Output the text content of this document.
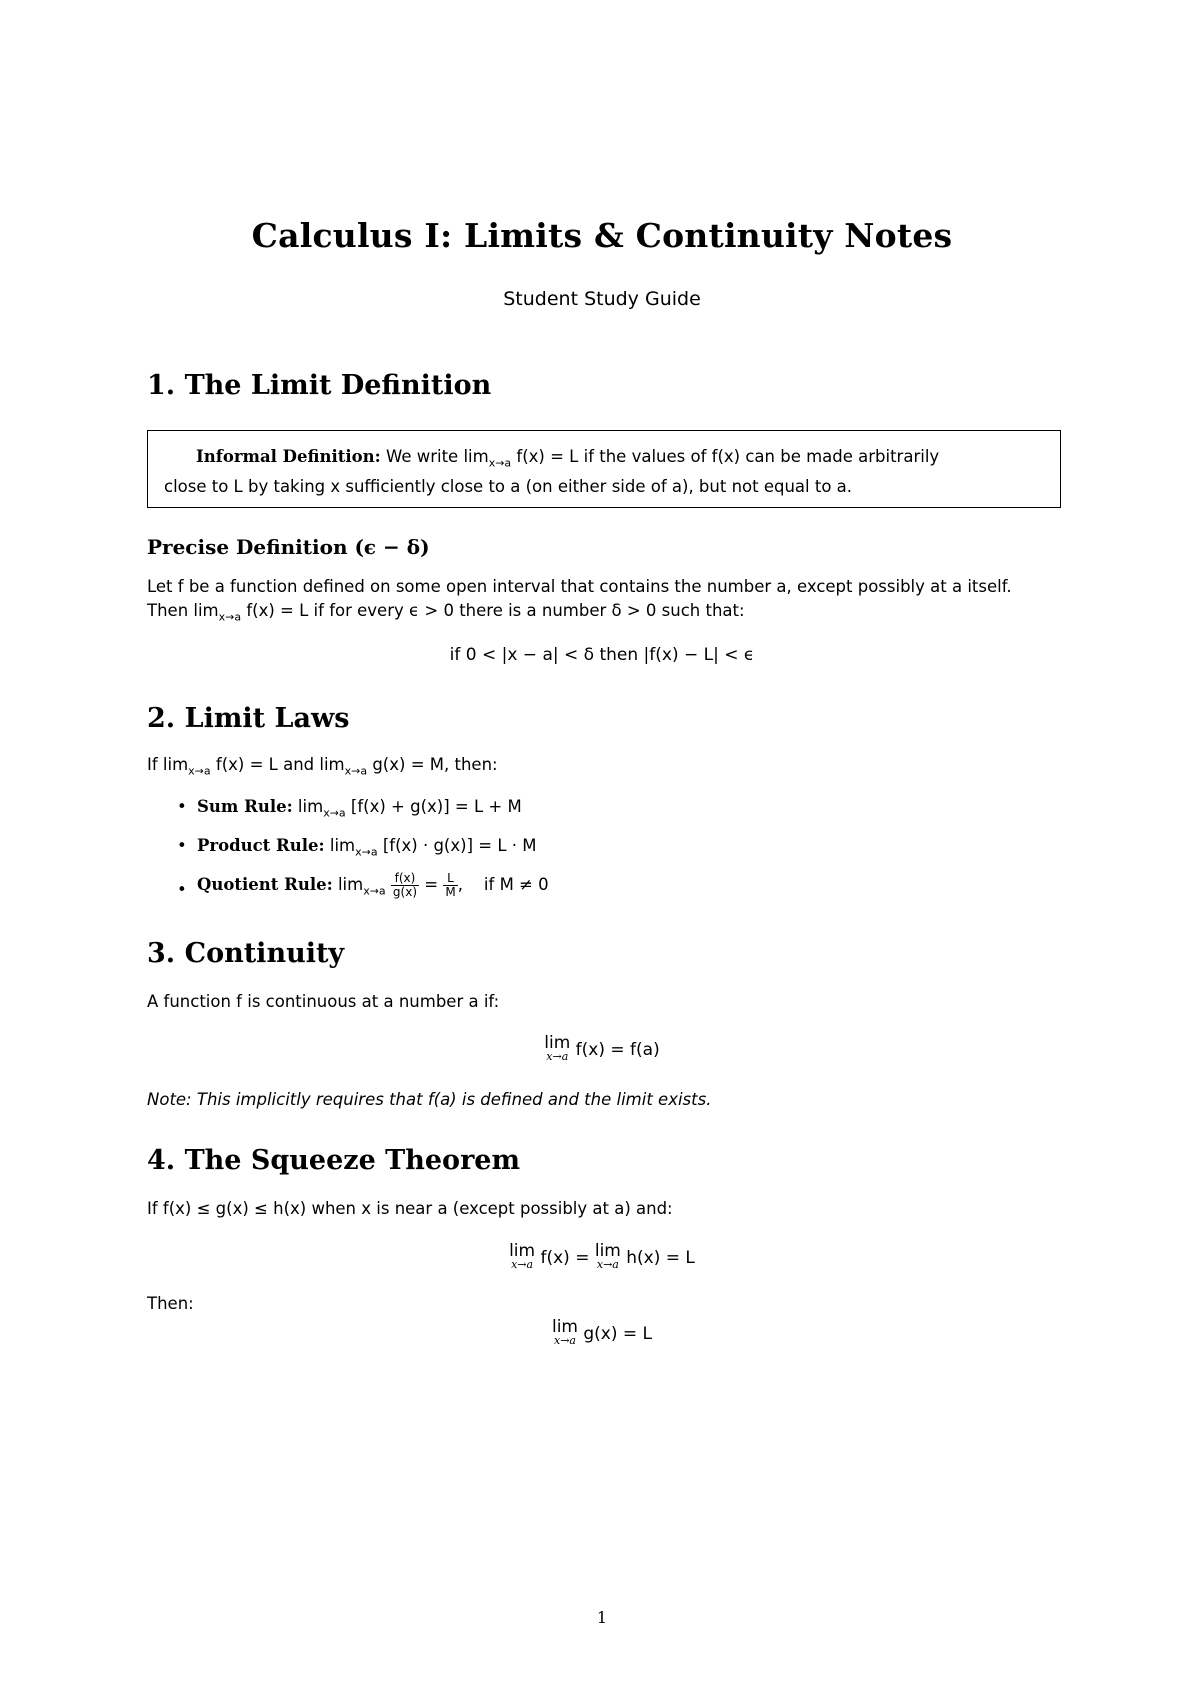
Calculus I: Limits & Continuity Notes
Student Study Guide
1. The Limit Definition
Informal Definition: We write $\lim_{x\to a} f(x) = L$ if the values of f(x) can be made arbitrarily
close to L by taking x sufficiently close to a (on either side of a), but not equal to a.
Precise Definition (ϵ − δ)
Let f be a function defined on some open interval that contains the number a, except possibly at a itself.
Then $\lim_{x\to a} f(x) = L$ if for every ϵ > 0 there is a number δ > 0 such that:
if 0 < |x − a| < δ then |f(x) − L| < ϵ
2. Limit Laws
If $\lim_{x\to a} f(x) = L$ and $\lim_{x\to a} g(x) = M$, then:
• Sum Rule: $\lim_{x\to a} [f(x) + g(x)] = L + M$
• Product Rule: $\lim_{x\to a} [f(x) \cdot g(x)] = L \cdot M$
• Quotient Rule: $\lim_{x\to a} \frac{f(x)}{g(x)} = \frac{L}{M}$ ,    if M ≠ 0
3. Continuity
A function f is continuous at a number a if:
lim
x→a f(x) = f(a)
Note: This implicitly requires that f(a) is defined and the limit exists.
4. The Squeeze Theorem
If f(x) ≤ g(x) ≤ h(x) when x is near a (except possibly at a) and:
lim
x→a f(x) = lim
x→a h(x) = L
Then:
lim
x→a g(x) = L
1
